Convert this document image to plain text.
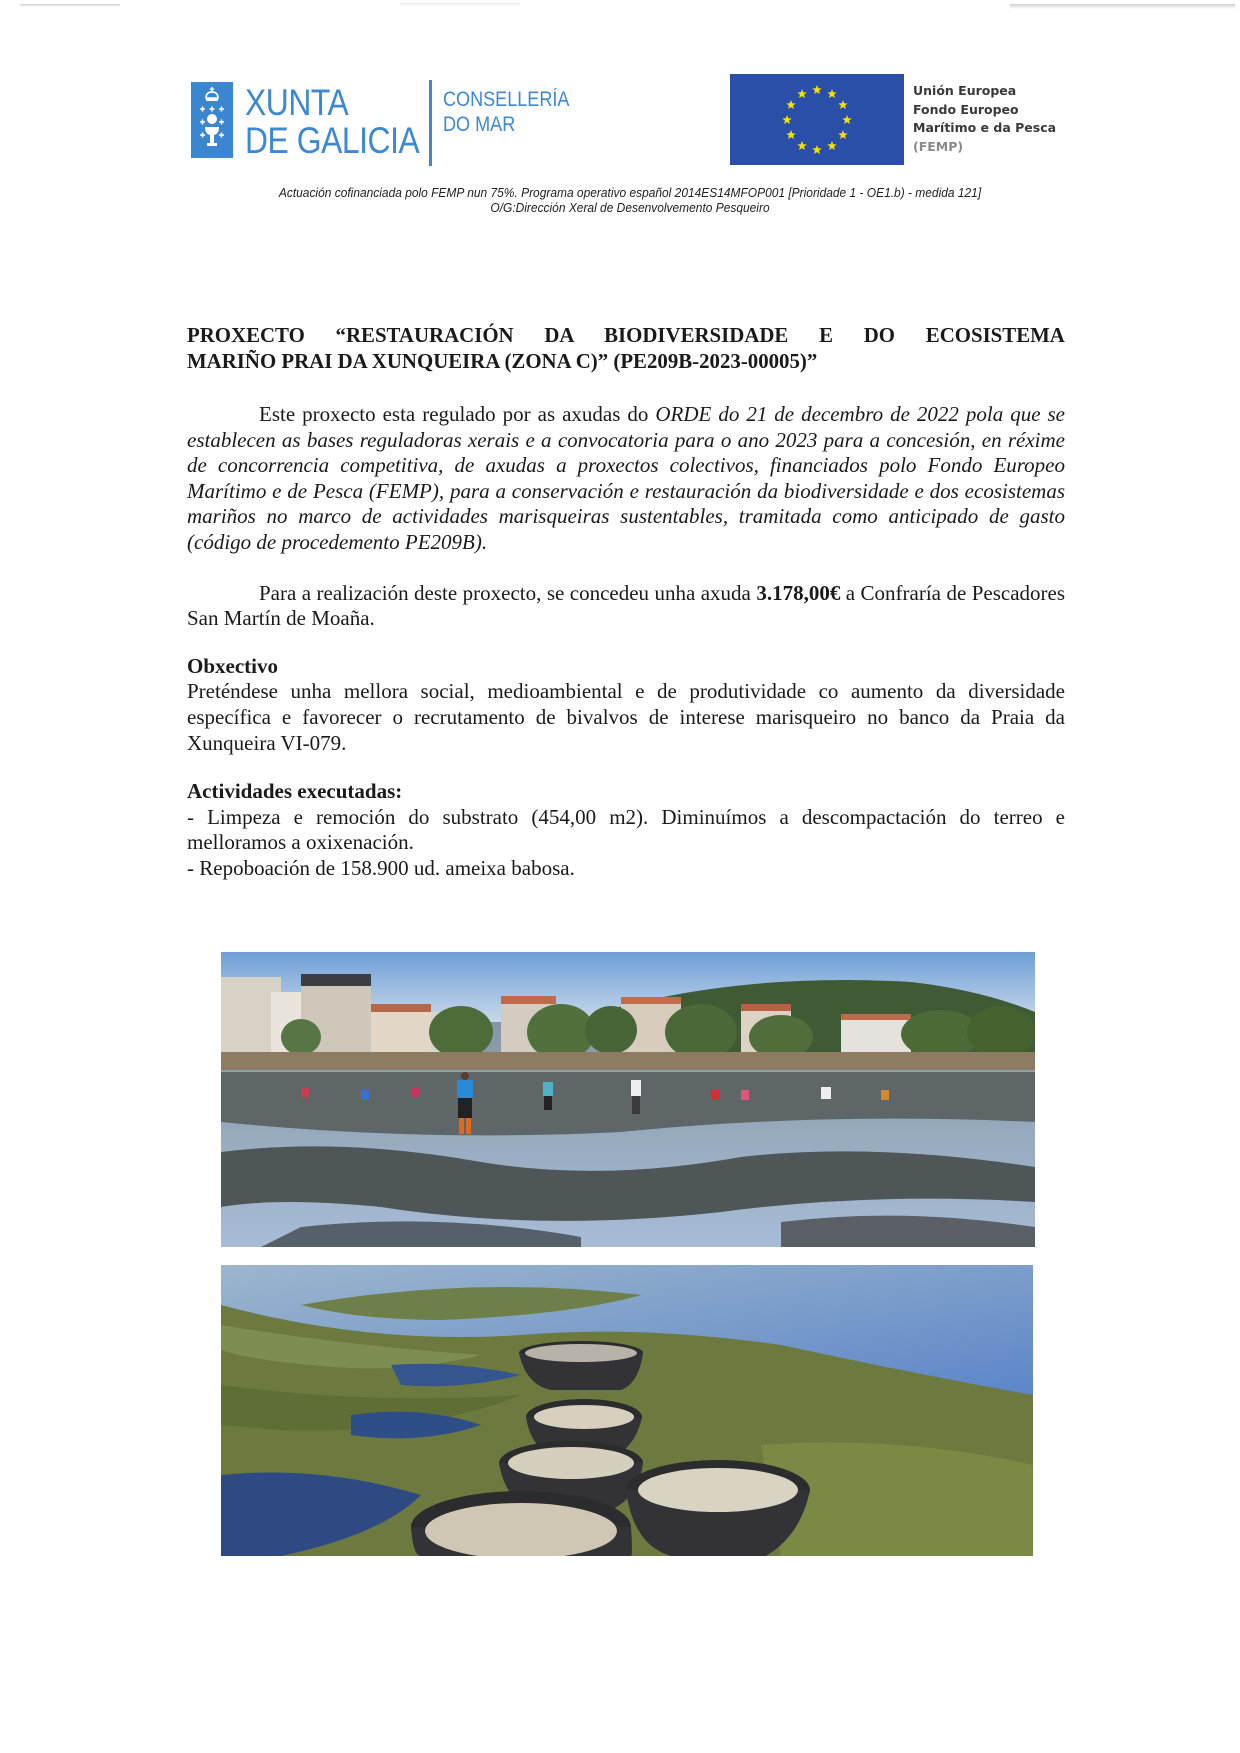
XUNTA
DE GALICIA
CONSELLERÍA
DO MAR
Unión Europea
Fondo Europeo
Marítimo e da Pesca
(FEMP)
Actuación cofinanciada polo FEMP nun 75%. Programa operativo español 2014ES14MFOP001 [Prioridade 1 - OE1.b) - medida 121]
O/G:Dirección Xeral de Desenvolvemento Pesqueiro
PROXECTO “RESTAURACIÓN DA BIODIVERSIDADE E DO ECOSISTEMA
MARIÑO PRAI DA XUNQUEIRA (ZONA C)” (PE209B-2023-00005)”

Este proxecto esta regulado por as axudas do ORDE do 21 de decembro de 2022 pola que se establecen as bases reguladoras xerais e a convocatoria para o ano 2023 para a concesión, en réxime de concorrencia competitiva, de axudas a proxectos colectivos, financiados polo Fondo Europeo Marítimo e de Pesca (FEMP), para a conservación e restauración da biodiversidade e dos ecosistemas mariños no marco de actividades marisqueiras sustentables, tramitada como anticipado de gasto (código de procedemento PE209B).

Para a realización deste proxecto, se concedeu unha axuda 3.178,00€ a Confraría de Pescadores San Martín de Moaña.

Obxectivo

Preténdese unha mellora social, medioambiental e de produtividade co aumento da diversidade específica e favorecer o recrutamento de bivalvos de interese marisqueiro no banco da Praia da Xunqueira VI-079.

Actividades executadas:
- Limpeza e remoción do substrato (454,00 m2). Diminuímos a descompactación do terreo e melloramos a oxixenación.
- Repoboación de 158.900 ud. ameixa babosa.
